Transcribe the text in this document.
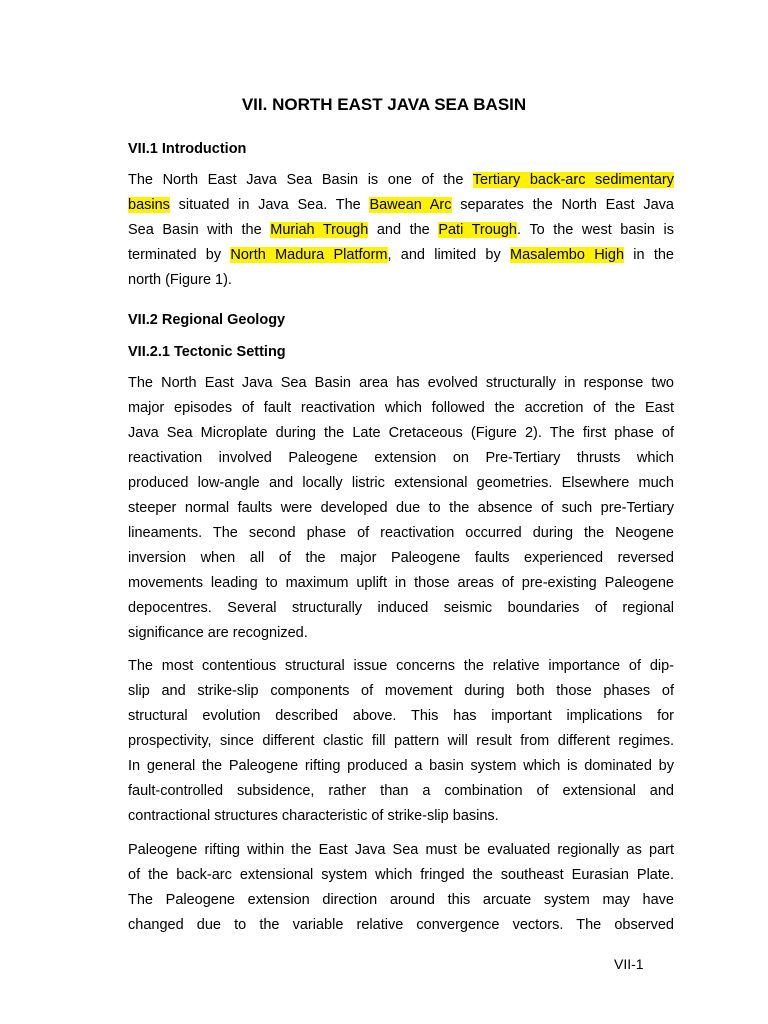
VII. NORTH EAST JAVA SEA BASIN
VII.1 Introduction
The North East Java Sea Basin is one of the Tertiary back-arc sedimentary
basins situated in Java Sea. The Bawean Arc separates the North East Java
Sea Basin with the Muriah Trough and the Pati Trough. To the west basin is
terminated by North Madura Platform, and limited by Masalembo High in the
north (Figure 1).
VII.2 Regional Geology
VII.2.1 Tectonic Setting
The North East Java Sea Basin area has evolved structurally in response two
major episodes of fault reactivation which followed the accretion of the East
Java Sea Microplate during the Late Cretaceous (Figure 2). The first phase of
reactivation involved Paleogene extension on Pre-Tertiary thrusts which
produced low-angle and locally listric extensional geometries. Elsewhere much
steeper normal faults were developed due to the absence of such pre-Tertiary
lineaments. The second phase of reactivation occurred during the Neogene
inversion when all of the major Paleogene faults experienced reversed
movements leading to maximum uplift in those areas of pre-existing Paleogene
depocentres. Several structurally induced seismic boundaries of regional
significance are recognized.
The most contentious structural issue concerns the relative importance of dip-
slip and strike-slip components of movement during both those phases of
structural evolution described above. This has important implications for
prospectivity, since different clastic fill pattern will result from different regimes.
In general the Paleogene rifting produced a basin system which is dominated by
fault-controlled subsidence, rather than a combination of extensional and
contractional structures characteristic of strike-slip basins.
Paleogene rifting within the East Java Sea must be evaluated regionally as part
of the back-arc extensional system which fringed the southeast Eurasian Plate.
The Paleogene extension direction around this arcuate system may have
changed due to the variable relative convergence vectors. The observed
VII-1
